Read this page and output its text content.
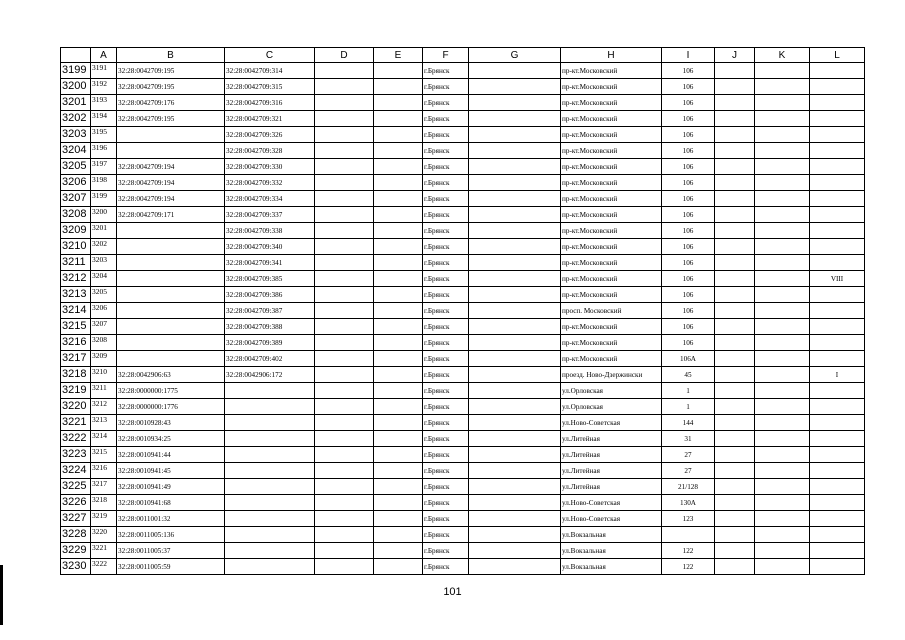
	A	B	C	D	E	F	G	H	I	J	K	L
3199	3191	32:28:0042709:195	32:28:0042709:314			г.Брянск		пр-кт.Московский	106			
3200	3192	32:28:0042709:195	32:28:0042709:315			г.Брянск		пр-кт.Московский	106			
3201	3193	32:28:0042709:176	32:28:0042709:316			г.Брянск		пр-кт.Московский	106			
3202	3194	32:28:0042709:195	32:28:0042709:321			г.Брянск		пр-кт.Московский	106			
3203	3195		32:28:0042709:326			г.Брянск		пр-кт.Московский	106			
3204	3196		32:28:0042709:328			г.Брянск		пр-кт.Московский	106			
3205	3197	32:28:0042709:194	32:28:0042709:330			г.Брянск		пр-кт.Московский	106			
3206	3198	32:28:0042709:194	32:28:0042709:332			г.Брянск		пр-кт.Московский	106			
3207	3199	32:28:0042709:194	32:28:0042709:334			г.Брянск		пр-кт.Московский	106			
3208	3200	32:28:0042709:171	32:28:0042709:337			г.Брянск		пр-кт.Московский	106			
3209	3201		32:28:0042709:338			г.Брянск		пр-кт.Московский	106			
3210	3202		32:28:0042709:340			г.Брянск		пр-кт.Московский	106			
3211	3203		32:28:0042709:341			г.Брянск		пр-кт.Московский	106			
3212	3204		32:28:0042709:385			г.Брянск		пр-кт.Московский	106			VIII
3213	3205		32:28:0042709:386			г.Брянск		пр-кт.Московский	106			
3214	3206		32:28:0042709:387			г.Брянск		просп. Московский	106			
3215	3207		32:28:0042709:388			г.Брянск		пр-кт.Московский	106			
3216	3208		32:28:0042709:389			г.Брянск		пр-кт.Московский	106			
3217	3209		32:28:0042709:402			г.Брянск		пр-кт.Московский	106А			
3218	3210	32:28:0042906:63	32:28:0042906:172			г.Брянск		проезд. Ново-Дзержински	45			I
3219	3211	32:28:0000000:1775				г.Брянск		ул.Орловская	1			
3220	3212	32:28:0000000:1776				г.Брянск		ул.Орловская	1			
3221	3213	32:28:0010928:43				г.Брянск		ул.Ново-Советская	144			
3222	3214	32:28:0010934:25				г.Брянск		ул.Литейная	31			
3223	3215	32:28:0010941:44				г.Брянск		ул.Литейная	27			
3224	3216	32:28:0010941:45				г.Брянск		ул.Литейная	27			
3225	3217	32:28:0010941:49				г.Брянск		ул.Литейная	21/128			
3226	3218	32:28:0010941:68				г.Брянск		ул.Ново-Советская	130А			
3227	3219	32:28:0011001:32				г.Брянск		ул.Ново-Советская	123			
3228	3220	32:28:0011005:136				г.Брянск		ул.Вокзальная				
3229	3221	32:28:0011005:37				г.Брянск		ул.Вокзальная	122			
3230	3222	32:28:0011005:59				г.Брянск		ул.Вокзальная	122			
101
